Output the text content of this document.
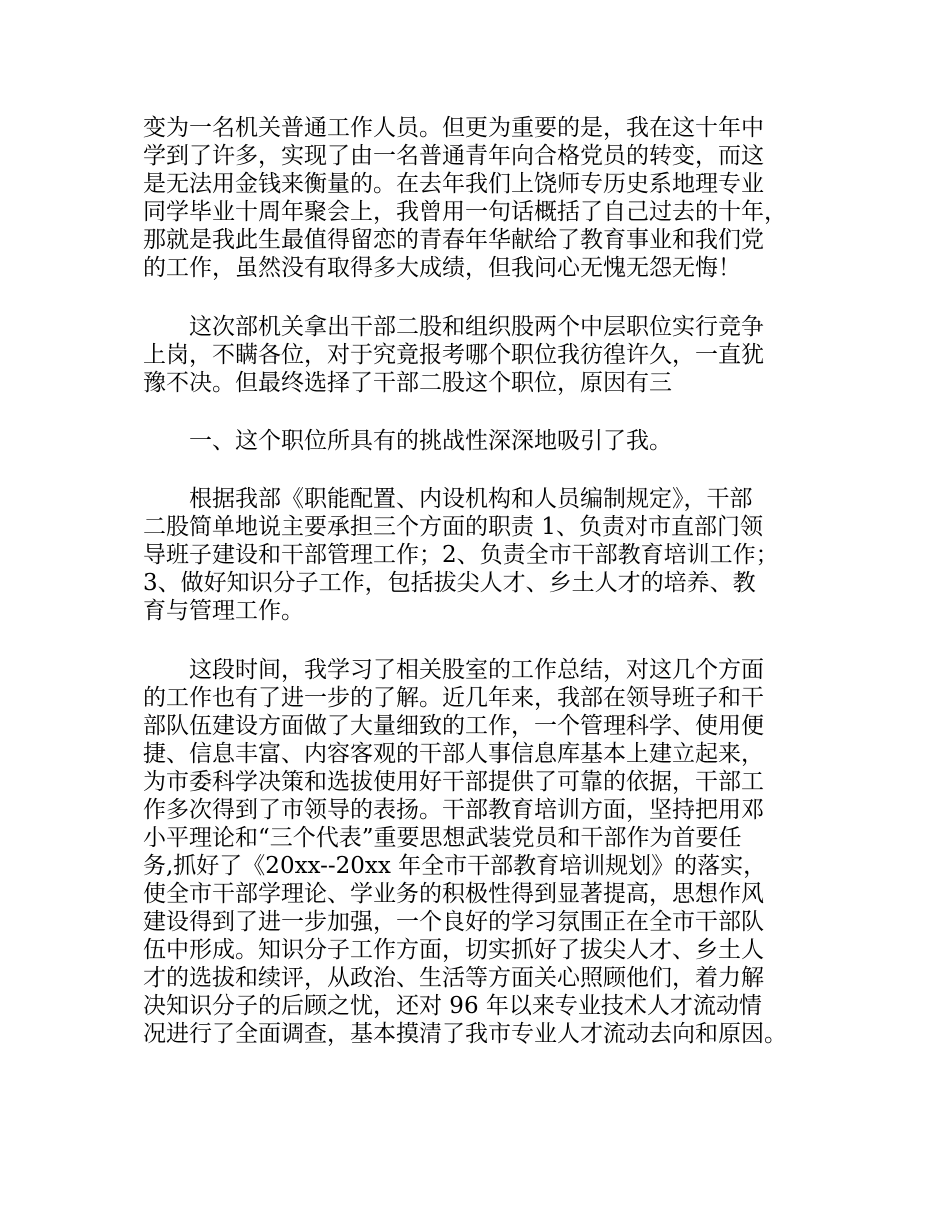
变为一名机关普通工作人员。但更为重要的是，我在这十年中
学到了许多，实现了由一名普通青年向合格党员的转变，而这
是无法用金钱来衡量的。在去年我们上饶师专历史系地理专业
同学毕业十周年聚会上，我曾用一句话概括了自己过去的十年，
那就是我此生最值得留恋的青春年华献给了教育事业和我们党
的工作，虽然没有取得多大成绩，但我问心无愧无怨无悔！
　　这次部机关拿出干部二股和组织股两个中层职位实行竞争
上岗，不瞒各位，对于究竟报考哪个职位我彷徨许久，一直犹
豫不决。但最终选择了干部二股这个职位，原因有三
　　一、这个职位所具有的挑战性深深地吸引了我。
　　根据我部《职能配置、内设机构和人员编制规定》，干部
二股简单地说主要承担三个方面的职责 1、负责对市直部门领
导班子建设和干部管理工作；2、负责全市干部教育培训工作；
3、做好知识分子工作，包括拔尖人才、乡土人才的培养、教
育与管理工作。
　　这段时间，我学习了相关股室的工作总结，对这几个方面
的工作也有了进一步的了解。近几年来，我部在领导班子和干
部队伍建设方面做了大量细致的工作，一个管理科学、使用便
捷、信息丰富、内容客观的干部人事信息库基本上建立起来，
为市委科学决策和选拔使用好干部提供了可靠的依据，干部工
作多次得到了市领导的表扬。干部教育培训方面，坚持把用邓
小平理论和“三个代表”重要思想武装党员和干部作为首要任
务,抓好了《20xx--20xx 年全市干部教育培训规划》的落实，
使全市干部学理论、学业务的积极性得到显著提高，思想作风
建设得到了进一步加强，一个良好的学习氛围正在全市干部队
伍中形成。知识分子工作方面，切实抓好了拔尖人才、乡土人
才的选拔和续评，从政治、生活等方面关心照顾他们，着力解
决知识分子的后顾之忧，还对 96 年以来专业技术人才流动情
况进行了全面调查，基本摸清了我市专业人才流动去向和原因。
